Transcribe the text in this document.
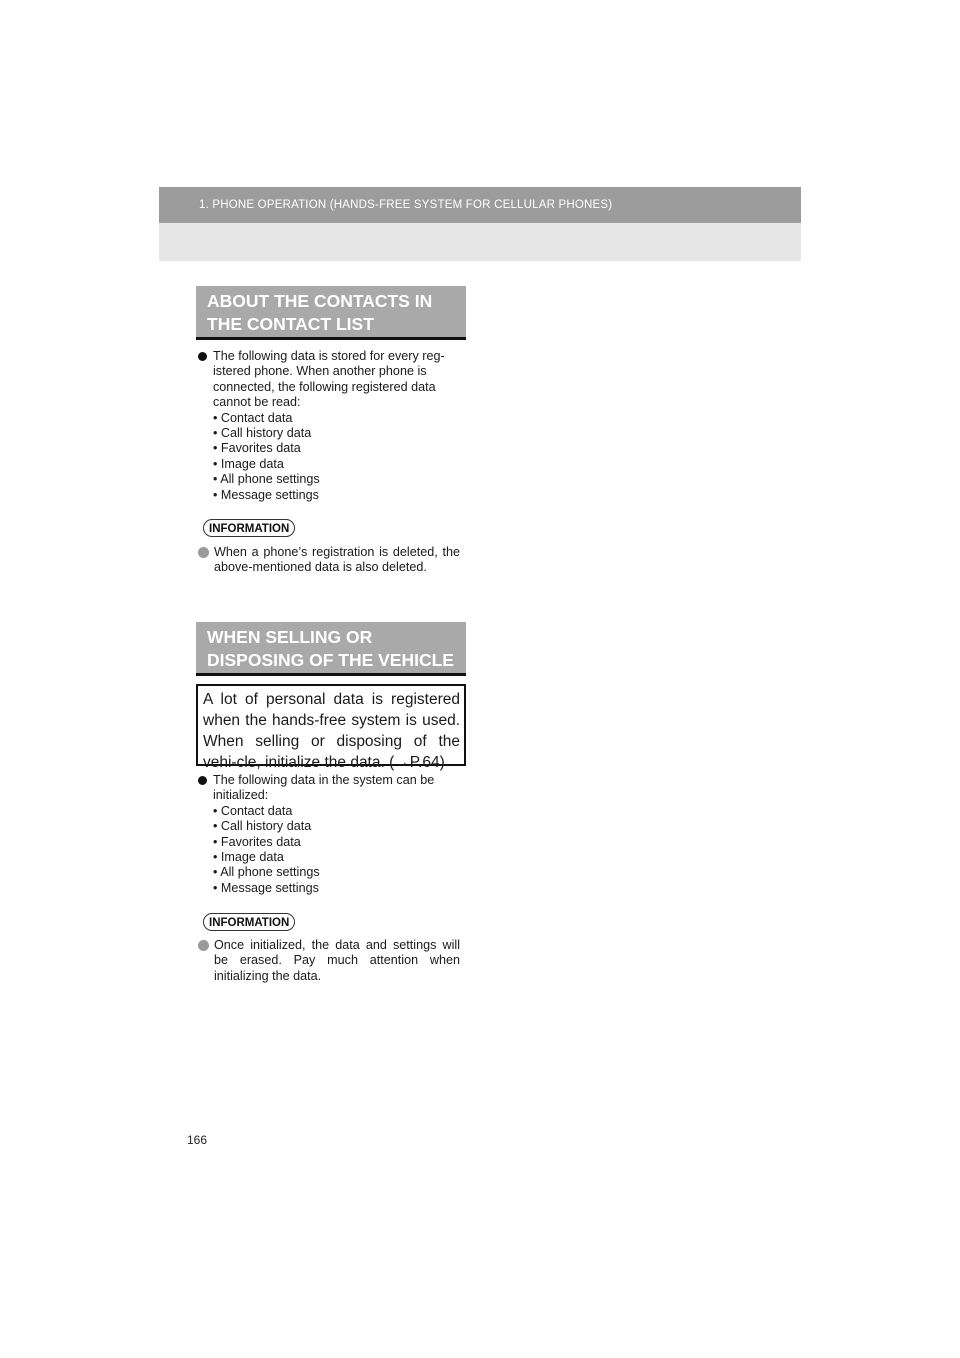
1. PHONE OPERATION (HANDS-FREE SYSTEM FOR CELLULAR PHONES)
ABOUT THE CONTACTS IN
THE CONTACT LIST
The following data is stored for every reg-
istered phone. When another phone is
connected, the following registered data
cannot be read:
• Contact data
• Call history data
• Favorites data
• Image data
• All phone settings
• Message settings
INFORMATION
When a phone’s registration is deleted, the above-mentioned data is also deleted.
WHEN SELLING OR
DISPOSING OF THE VEHICLE
A lot of personal data is registered when the hands-free system is used. When selling or disposing of the vehi-cle, initialize the data. (→P.64)
The following data in the system can be
initialized:
• Contact data
• Call history data
• Favorites data
• Image data
• All phone settings
• Message settings
INFORMATION
Once initialized, the data and settings will be erased. Pay much attention when initializing the data.
166
